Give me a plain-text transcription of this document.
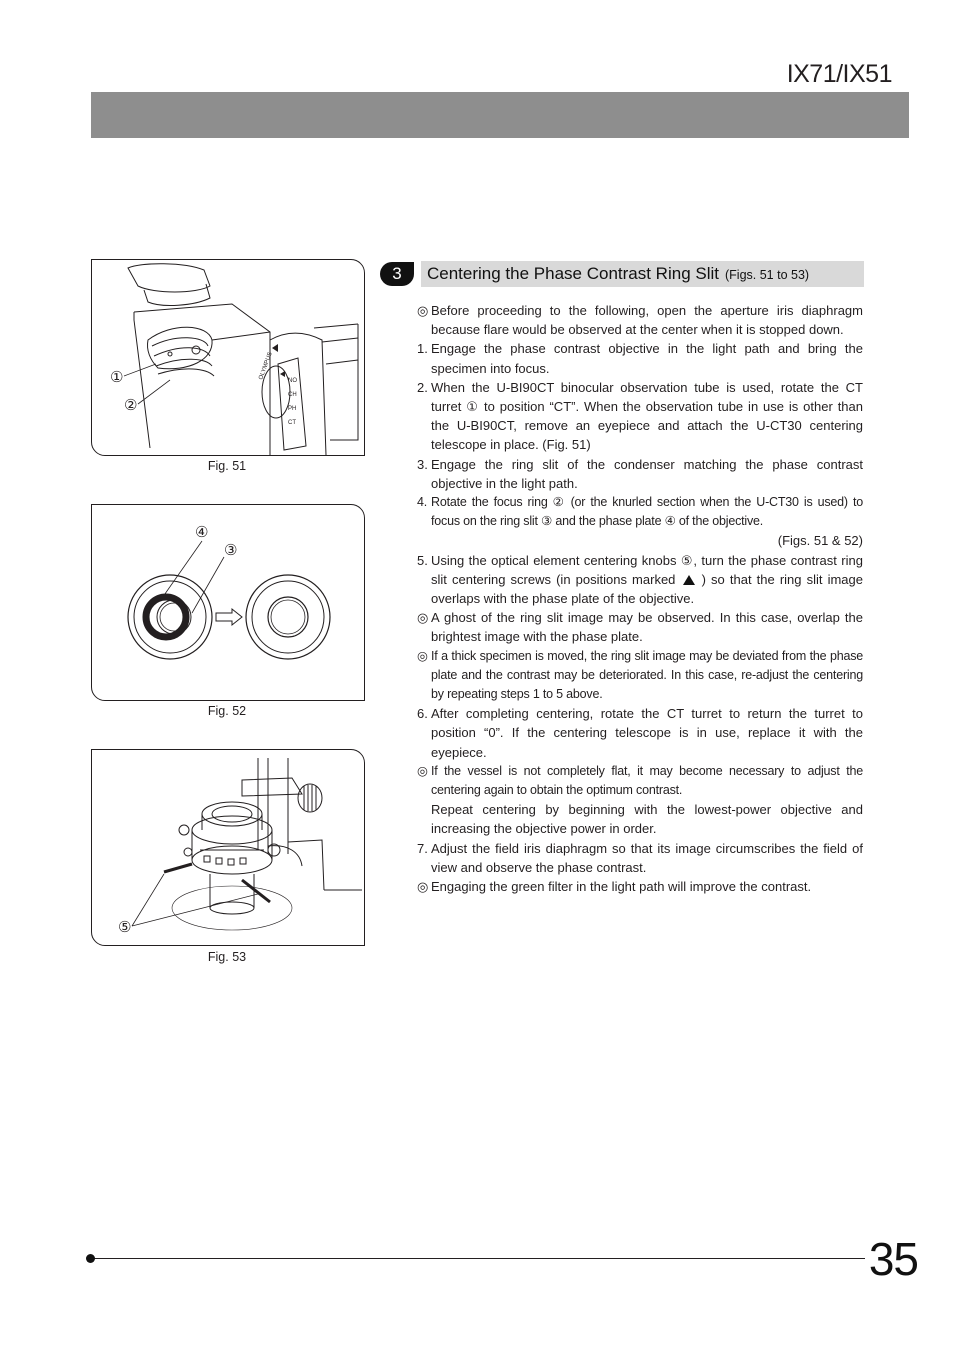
IX71/IX51
OLYMPUS
NO
CH
PH
CT
①
②
Fig. 51
④
③
Fig. 52
⑤
Fig. 53
3	Centering the Phase Contrast Ring Slit (Figs. 51 to 53)
◎ Before proceeding to the following, open the aperture iris diaphragm because flare would be observed at the center when it is stopped down.
1. Engage the phase contrast objective in the light path and bring the specimen into focus.
2. When the U-BI90CT binocular observation tube is used, rotate the CT turret ① to position “CT”. When the observation tube in use is other than the U-BI90CT, remove an eyepiece and attach the U-CT30 centering telescope in place. (Fig. 51)
3. Engage the ring slit of the condenser matching the phase contrast objective in the light path.
4. Rotate the focus ring ② (or the knurled section when the U-CT30 is used) to focus on the ring slit ③ and the phase plate ④ of the objective.
(Figs. 51 & 52)
5. Using the optical element centering knobs ⑤, turn the phase contrast ring slit centering screws (in positions marked ) so that the ring slit image overlaps with the phase plate of the objective.
◎ A ghost of the ring slit image may be observed. In this case, overlap the brightest image with the phase plate.
◎ If a thick specimen is moved, the ring slit image may be deviated from the phase plate and the contrast may be deteriorated. In this case, re-adjust the centering by repeating steps 1 to 5 above.
6. After completing centering, rotate the CT turret to return the turret to position “0”. If the centering telescope is in use, replace it with the eyepiece.
◎ If the vessel is not completely flat, it may become necessary to adjust the centering again to obtain the optimum contrast.
Repeat centering by beginning with the lowest-power objective and increasing the objective power in order.
7. Adjust the field iris diaphragm so that its image circumscribes the field of view and observe the phase contrast.
◎ Engaging the green filter in the light path will improve the contrast.
35
